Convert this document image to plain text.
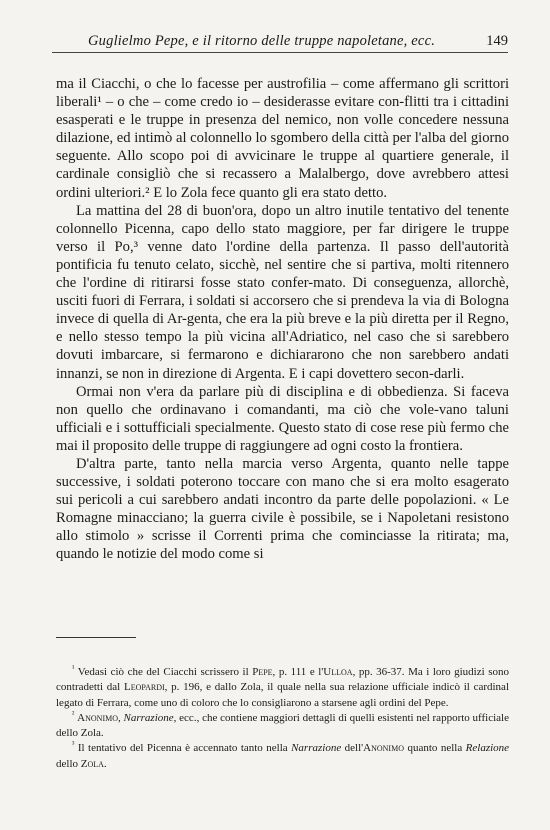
Guglielmo Pepe, e il ritorno delle truppe napoletane, ecc.	149

ma il Ciacchi, o che lo facesse per austrofilia – come affermano gli scrittori liberali¹ – o che – come credo io – desiderasse evitare con-flitti tra i cittadini esasperati e le truppe in presenza del nemico, non volle concedere nessuna dilazione, ed intimò al colonnello lo sgombero della città per l'alba del giorno seguente. Allo scopo poi di avvicinare le truppe al quartiere generale, il cardinale consigliò che si recassero a Malalbergo, dove avrebbero attesi ordini ulteriori.² E lo Zola fece quanto gli era stato detto.

La mattina del 28 di buon'ora, dopo un altro inutile tentativo del tenente colonnello Picenna, capo dello stato maggiore, per far dirigere le truppe verso il Po,³ venne dato l'ordine della partenza. Il passo dell'autorità pontificia fu tenuto celato, sicchè, nel sentire che si partiva, molti ritennero che l'ordine di ritirarsi fosse stato confer-mato. Di conseguenza, allorchè, usciti fuori di Ferrara, i soldati si accorsero che si prendeva la via di Bologna invece di quella di Ar-genta, che era la più breve e la più diretta per il Regno, e nello stesso tempo la più vicina all'Adriatico, nel caso che si sarebbero dovuti imbarcare, si fermarono e dichiararono che non sarebbero andati innanzi, se non in direzione di Argenta. E i capi dovettero secon-darli.

Ormai non v'era da parlare più di disciplina e di obbedienza. Si faceva non quello che ordinavano i comandanti, ma ciò che vole-vano taluni ufficiali e i sottufficiali specialmente. Questo stato di cose rese più fermo che mai il proposito delle truppe di raggiungere ad ogni costo la frontiera.

D'altra parte, tanto nella marcia verso Argenta, quanto nelle tappe successive, i soldati poterono toccare con mano che si era molto esagerato sui pericoli a cui sarebbero andati incontro da parte delle popolazioni. « Le Romagne minacciano; la guerra civile è possibile, se i Napoletani resistono allo stimolo » scrisse il Correnti prima che cominciasse la ritirata; ma, quando le notizie del modo come si

$^{^1}$ Vedasi ciò che del Ciacchi scrissero il Pepe, p. 111 e l'Ulloa, pp. 36-37. Ma i loro giudizi sono contradetti dal Leopardi, p. 196, e dallo Zola, il quale nella sua relazione ufficiale indicò il cardinal legato di Ferrara, come uno di coloro che lo consigliarono a starsene agli ordini del Pepe.

$^{^2}$ Anonimo, Narrazione, ecc., che contiene maggiori dettagli di quelli esistenti nel rapporto ufficiale dello Zola.

$^{^3}$ Il tentativo del Picenna è accennato tanto nella Narrazione dell'Anonimo quanto nella Relazione dello Zola.
